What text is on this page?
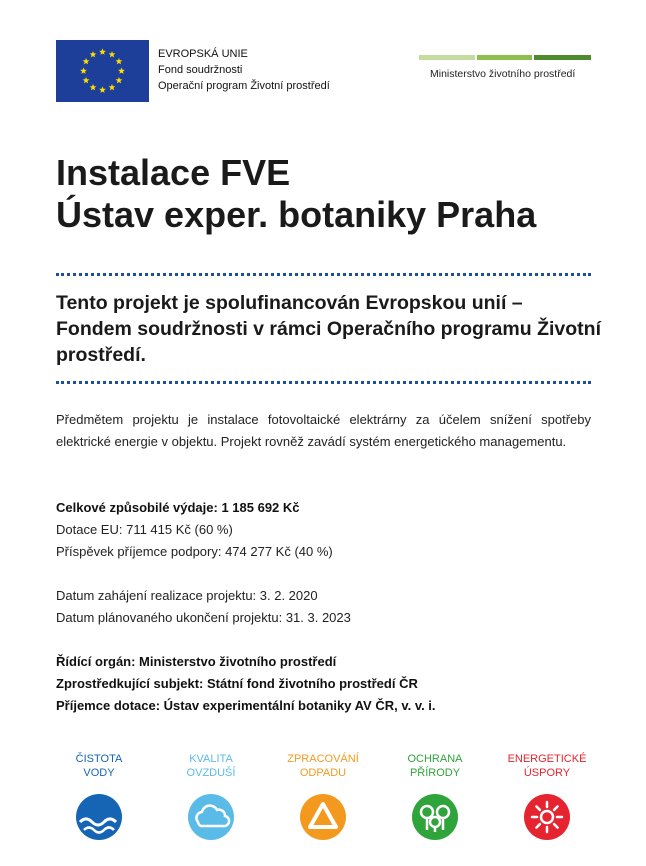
EVROPSKÁ UNIE
Fond soudržnosti
Operační program Životní prostředí
Ministerstvo životního prostředí
Instalace FVE
Ústav exper. botaniky Praha
Tento projekt je spolufinancován Evropskou unií – Fondem soudržnosti v rámci Operačního programu Životní prostředí.
Předmětem projektu je instalace fotovoltaické elektrárny za účelem snížení spotřeby elektrické energie v objektu. Projekt rovněž zavádí systém energetického managementu.
Celkové způsobilé výdaje: 1 185 692 Kč
Dotace EU: 711 415 Kč (60 %)
Příspěvek příjemce podpory: 474 277 Kč (40 %)
Datum zahájení realizace projektu: 3. 2. 2020
Datum plánovaného ukončení projektu: 31. 3. 2023
Řídící orgán: Ministerstvo životního prostředí
Zprostředkující subjekt: Státní fond životního prostředí ČR
Příjemce dotace: Ústav experimentální botaniky AV ČR, v. v. i.
ČISTOTA
VODY
KVALITA
OVZDUŠÍ
ZPRACOVÁNÍ
ODPADU
OCHRANA
PŘÍRODY
ENERGETICKÉ
ÚSPORY
